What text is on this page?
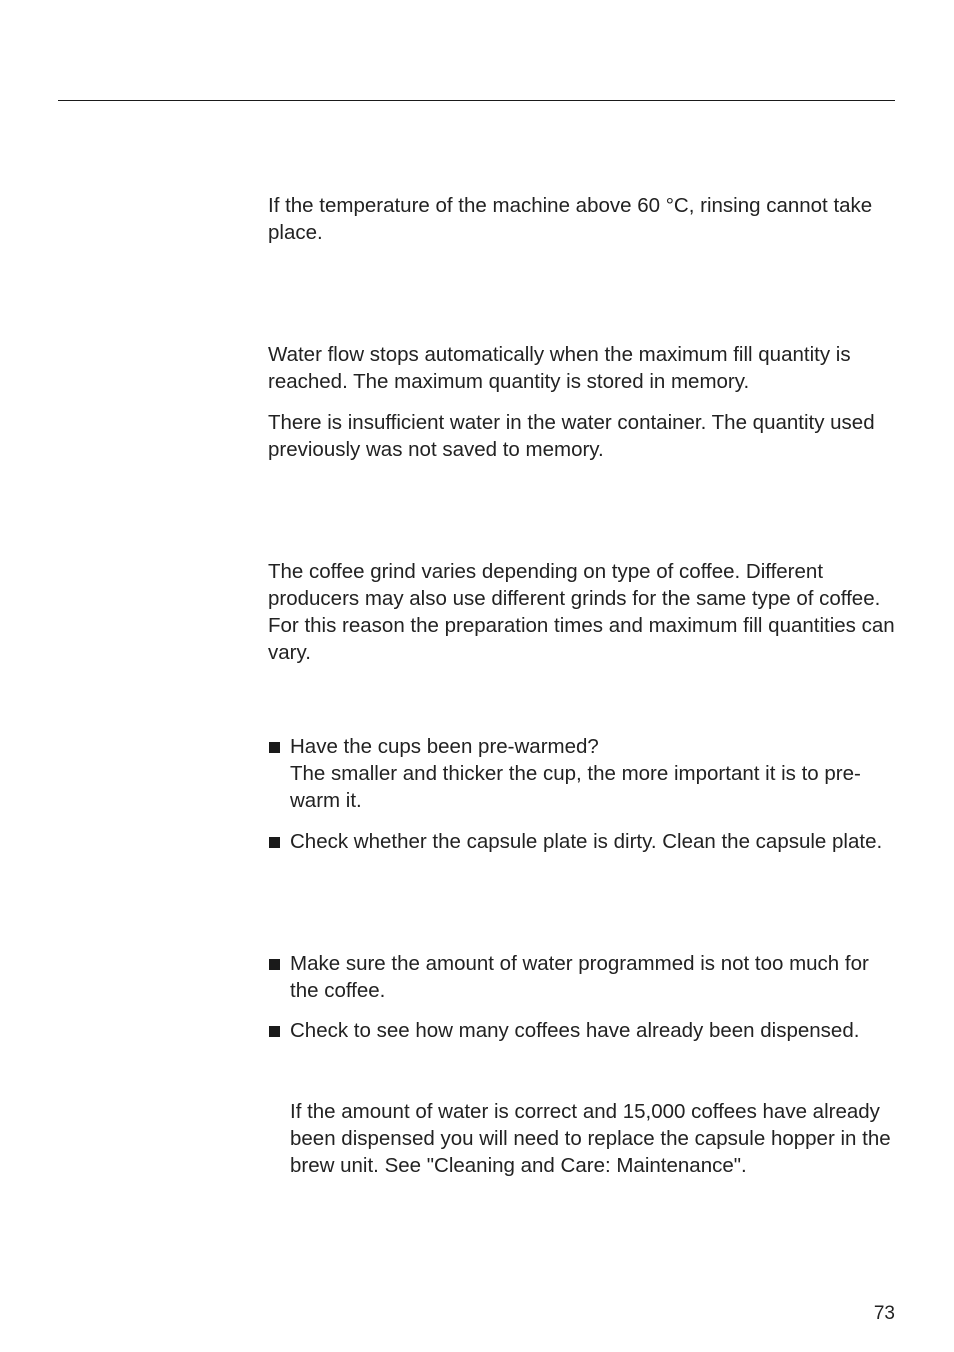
If the temperature of the machine above 60 °C, rinsing cannot take place.

Water flow stops automatically when the maximum fill quantity is reached. The maximum quantity is stored in memory.

There is insufficient water in the water container. The quantity used previously was not saved to memory.

The coffee grind varies depending on type of coffee. Different producers may also use different grinds for the same type of coffee. For this reason the preparation times and maximum fill quantities can vary.

Have the cups been pre-warmed?
The smaller and thicker the cup, the more important it is to pre-warm it.
Check whether the capsule plate is dirty. Clean the capsule plate.
Make sure the amount of water programmed is not too much for the coffee.
Check to see how many coffees have already been dispensed.
If the amount of water is correct and 15,000 coffees have already been dispensed you will need to replace the capsule hopper in the brew unit. See "Cleaning and Care: Maintenance".
73
